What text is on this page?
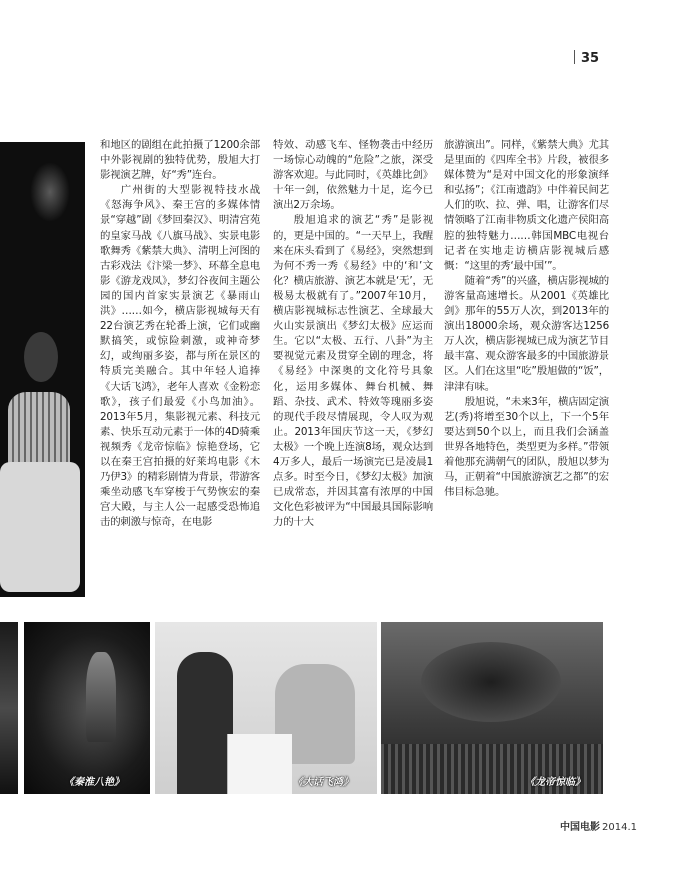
35

和地区的剧组在此拍摄了1200余部中外影视剧的独特优势，殷旭大打影视演艺牌，好“秀”连台。

广州街的大型影视特技水战《怒海争风》、秦王宫的多媒体情景“穿越”剧《梦回秦汉》、明清宫苑的皇家马战《八旗马战》、实景电影歌舞秀《紫禁大典》、清明上河图的古彩戏法《汴梁一梦》、环幕全息电影《游龙戏凤》，梦幻谷夜间主题公园的国内首家实景演艺《暴雨山洪》……如今，横店影视城每天有22台演艺秀在轮番上演，它们或幽默搞笑，或惊险刺激，或神奇梦幻，或绚丽多姿，都与所在景区的特质完美融合。其中年轻人追捧《大话飞鸿》，老年人喜欢《金粉恋歌》，孩子们最爱《小鸟加油》。2013年5月，集影视元素、科技元素、快乐互动元素于一体的4D骑乘视频秀《龙帝惊临》惊艳登场，它以在秦王宫拍摄的好莱坞电影《木乃伊3》的精彩剧情为背景，带游客乘坐动感飞车穿梭于气势恢宏的秦宫大殿，与主人公一起感受恐怖追击的刺激与惊奇，在电影

特效、动感飞车、怪物袭击中经历一场惊心动魄的“危险”之旅，深受游客欢迎。与此同时，《英雄比剑》十年一剑，依然魅力十足，迄今已演出2万余场。

殷旭追求的演艺“秀”是影视的，更是中国的。“一天早上，我醒来在床头看到了《易经》，突然想到为何不秀一秀《易经》中的‘和’文化？横店旅游、演艺本就是‘无’，无极易太极就有了。”2007年10月，横店影视城标志性演艺、全球最大火山实景演出《梦幻太极》应运而生。它以“太极、五行、八卦”为主要视觉元素及贯穿全剧的理念，将《易经》中深奥的文化符号具象化，运用多媒体、舞台机械、舞蹈、杂技、武术、特效等瑰丽多姿的现代手段尽情展现，令人叹为观止。2013年国庆节这一天，《梦幻太极》一个晚上连演8场，观众达到4万多人，最后一场演完已是凌晨1点多。时至今日，《梦幻太极》加演已成常态，并因其富有浓厚的中国文化色彩被评为“中国最具国际影响力的十大

旅游演出”。同样，《紫禁大典》尤其是里面的《四库全书》片段，被很多媒体赞为“是对中国文化的形象演绎和弘扬”；《江南遗韵》中伴着民间艺人们的吹、拉、弹、唱，让游客们尽情领略了江南非物质文化遗产侯阳高腔的独特魅力……韩国MBC电视台记者在实地走访横店影视城后感慨：“这里的秀‘最中国’”。

随着“秀”的兴盛，横店影视城的游客量高速增长。从2001《英雄比剑》那年的55万人次，到2013年的演出18000余场，观众游客达1256万人次，横店影视城已成为演艺节目最丰富、观众游客最多的中国旅游景区。人们在这里“吃”殷旭做的“饭”，津津有味。

殷旭说，“未来3年，横店固定演艺(秀)将增至30个以上，下一个5年要达到50个以上，而且我们会涵盖世界各地特色，类型更为多样。”带领着他那充满朝气的团队，殷旭以梦为马，正朝着“中国旅游演艺之都”的宏伟目标急驰。

《秦淮八艳》	《大话飞鸿》	《龙帝惊临》
中国电影 2014.1
